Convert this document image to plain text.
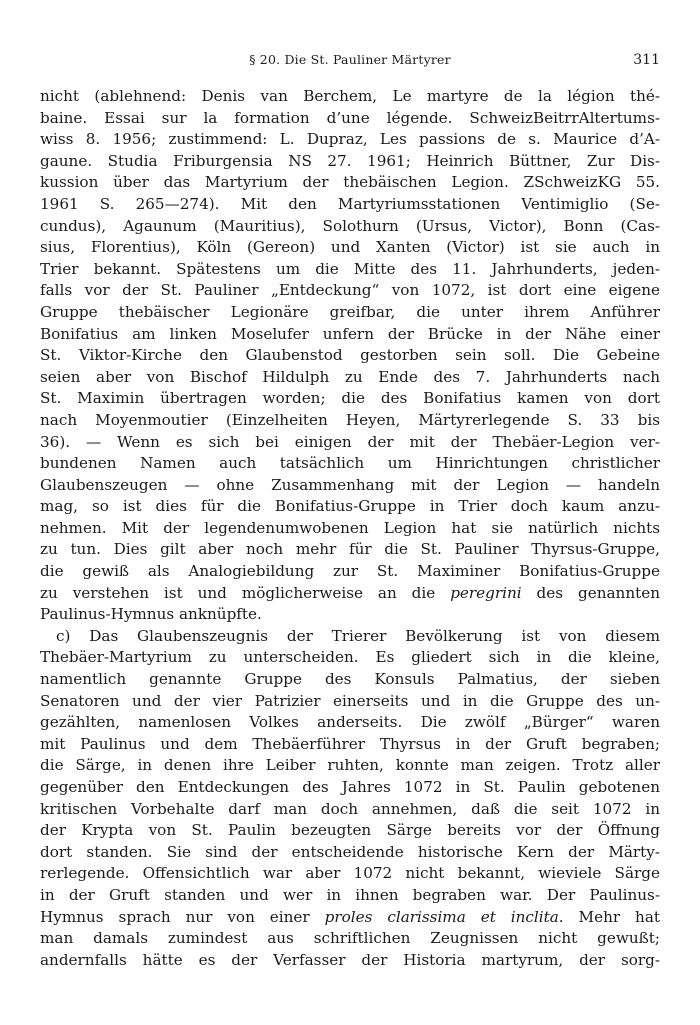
§ 20. Die St. Pauliner Märtyrer	311
nicht (ablehnend: Denis van Berchem, Le martyre de la légion thé-
baine. Essai sur la formation d’une légende. SchweizBeitrrAltertums-
wiss 8. 1956; zustimmend: L. Dupraz, Les passions de s. Maurice d’A-
gaune. Studia Friburgensia NS 27. 1961; Heinrich Büttner, Zur Dis-
kussion über das Martyrium der thebäischen Legion. ZSchweizKG 55.
1961 S. 265—274). Mit den Martyriumsstationen Ventimiglio (Se-
cundus), Agaunum (Mauritius), Solothurn (Ursus, Victor), Bonn (Cas-
sius, Florentius), Köln (Gereon) und Xanten (Victor) ist sie auch in
Trier bekannt. Spätestens um die Mitte des 11. Jahrhunderts, jeden-
falls vor der St. Pauliner „Entdeckung“ von 1072, ist dort eine eigene
Gruppe thebäischer Legionäre greifbar, die unter ihrem Anführer
Bonifatius am linken Moselufer unfern der Brücke in der Nähe einer
St. Viktor-Kirche den Glaubenstod gestorben sein soll. Die Gebeine
seien aber von Bischof Hildulph zu Ende des 7. Jahrhunderts nach
St. Maximin übertragen worden; die des Bonifatius kamen von dort
nach Moyenmoutier (Einzelheiten Heyen, Märtyrerlegende S. 33 bis
36). — Wenn es sich bei einigen der mit der Thebäer-Legion ver-
bundenen Namen auch tatsächlich um Hinrichtungen christlicher
Glaubenszeugen — ohne Zusammenhang mit der Legion — handeln
mag, so ist dies für die Bonifatius-Gruppe in Trier doch kaum anzu-
nehmen. Mit der legendenumwobenen Legion hat sie natürlich nichts
zu tun. Dies gilt aber noch mehr für die St. Pauliner Thyrsus-Gruppe,
die gewiß als Analogiebildung zur St. Maximiner Bonifatius-Gruppe
zu verstehen ist und möglicherweise an die peregrini des genannten
Paulinus-Hymnus anknüpfte.
c) Das Glaubenszeugnis der Trierer Bevölkerung ist von diesem
Thebäer-Martyrium zu unterscheiden. Es gliedert sich in die kleine,
namentlich genannte Gruppe des Konsuls Palmatius, der sieben
Senatoren und der vier Patrizier einerseits und in die Gruppe des un-
gezählten, namenlosen Volkes anderseits. Die zwölf „Bürger“ waren
mit Paulinus und dem Thebäerführer Thyrsus in der Gruft begraben;
die Särge, in denen ihre Leiber ruhten, konnte man zeigen. Trotz aller
gegenüber den Entdeckungen des Jahres 1072 in St. Paulin gebotenen
kritischen Vorbehalte darf man doch annehmen, daß die seit 1072 in
der Krypta von St. Paulin bezeugten Särge bereits vor der Öffnung
dort standen. Sie sind der entscheidende historische Kern der Märty-
rerlegende. Offensichtlich war aber 1072 nicht bekannt, wieviele Särge
in der Gruft standen und wer in ihnen begraben war. Der Paulinus-
Hymnus sprach nur von einer proles clarissima et inclita. Mehr hat
man damals zumindest aus schriftlichen Zeugnissen nicht gewußt;
andernfalls hätte es der Verfasser der Historia martyrum, der sorg-
